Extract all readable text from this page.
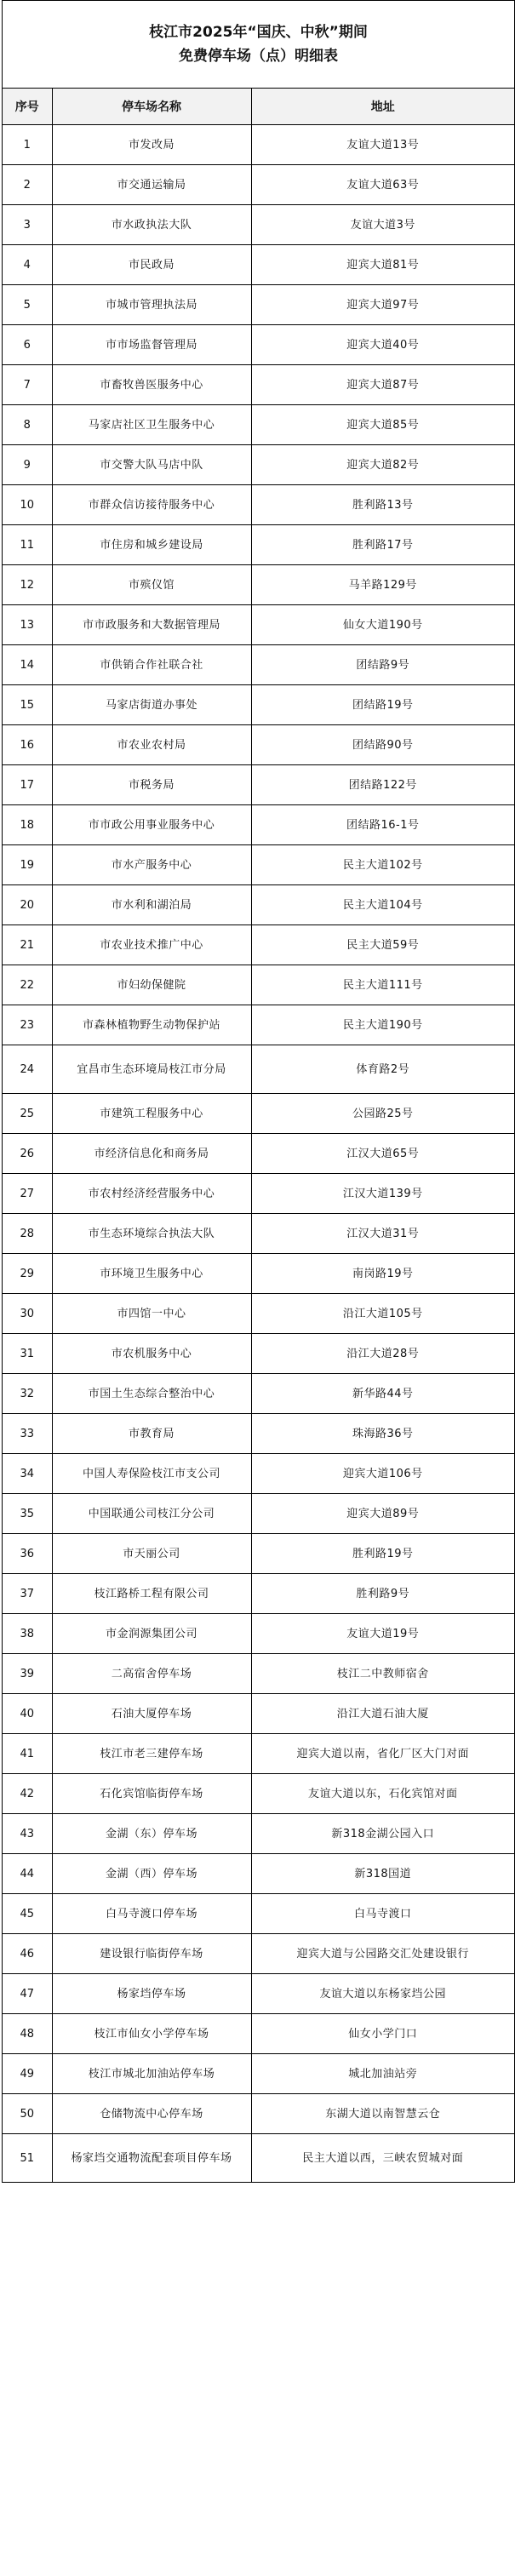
枝江市2025年“国庆、中秋”期间
免费停车场（点）明细表
序号	停车场名称	地址
1	市发改局	友谊大道13号
2	市交通运输局	友谊大道63号
3	市水政执法大队	友谊大道3号
4	市民政局	迎宾大道81号
5	市城市管理执法局	迎宾大道97号
6	市市场监督管理局	迎宾大道40号
7	市畜牧兽医服务中心	迎宾大道87号
8	马家店社区卫生服务中心	迎宾大道85号
9	市交警大队马店中队	迎宾大道82号
10	市群众信访接待服务中心	胜利路13号
11	市住房和城乡建设局	胜利路17号
12	市殡仪馆	马羊路129号
13	市市政服务和大数据管理局	仙女大道190号
14	市供销合作社联合社	团结路9号
15	马家店街道办事处	团结路19号
16	市农业农村局	团结路90号
17	市税务局	团结路122号
18	市市政公用事业服务中心	团结路16-1号
19	市水产服务中心	民主大道102号
20	市水利和湖泊局	民主大道104号
21	市农业技术推广中心	民主大道59号
22	市妇幼保健院	民主大道111号
23	市森林植物野生动物保护站	民主大道190号
24	宜昌市生态环境局枝江市分局	体育路2号
25	市建筑工程服务中心	公园路25号
26	市经济信息化和商务局	江汉大道65号
27	市农村经济经营服务中心	江汉大道139号
28	市生态环境综合执法大队	江汉大道31号
29	市环境卫生服务中心	南岗路19号
30	市四馆一中心	沿江大道105号
31	市农机服务中心	沿江大道28号
32	市国土生态综合整治中心	新华路44号
33	市教育局	珠海路36号
34	中国人寿保险枝江市支公司	迎宾大道106号
35	中国联通公司枝江分公司	迎宾大道89号
36	市天丽公司	胜利路19号
37	枝江路桥工程有限公司	胜利路9号
38	市金润源集团公司	友谊大道19号
39	二高宿舍停车场	枝江二中教师宿舍
40	石油大厦停车场	沿江大道石油大厦
41	枝江市老三建停车场	迎宾大道以南，省化厂区大门对面
42	石化宾馆临街停车场	友谊大道以东，石化宾馆对面
43	金湖（东）停车场	新318金湖公园入口
44	金湖（西）停车场	新318国道
45	白马寺渡口停车场	白马寺渡口
46	建设银行临街停车场	迎宾大道与公园路交汇处建设银行
47	杨家垱停车场	友谊大道以东杨家垱公园
48	枝江市仙女小学停车场	仙女小学门口
49	枝江市城北加油站停车场	城北加油站旁
50	仓储物流中心停车场	东湖大道以南智慧云仓
51	杨家垱交通物流配套项目停车场	民主大道以西，三峡农贸城对面
